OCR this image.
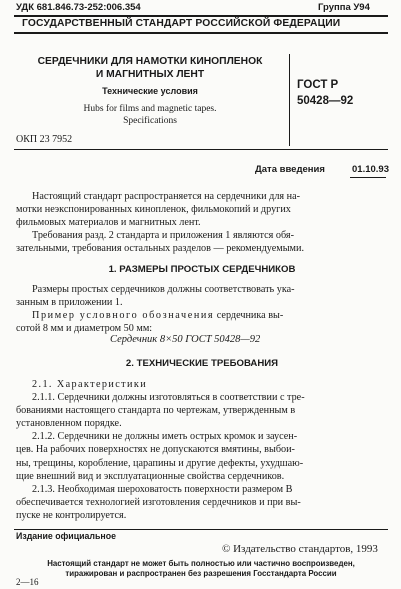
УДК 681.846.73-252:006.354	Группа У94
ГОСУДАРСТВЕННЫЙ СТАНДАРТ РОССИЙСКОЙ ФЕДЕРАЦИИ
СЕРДЕЧНИКИ ДЛЯ НАМОТКИ КИНОПЛЕНОК
И МАГНИТНЫХ ЛЕНТ
Технические условия
Hubs for films and magnetic tapes.
Specifications
ГОСТ Р
50428—92
ОКП 23 7952
Дата введения	01.10.93
Настоящий стандарт распространяется на сердечники для на-
мотки неэкспонированных кинопленок, фильмокопий и других
фильмовых материалов и магнитных лент.
Требования разд. 2 стандарта и приложения 1 являются обя-
зательными, требования остальных разделов — рекомендуемыми.
1. РАЗМЕРЫ ПРОСТЫХ СЕРДЕЧНИКОВ
Размеры простых сердечников должны соответствовать ука-
занным в приложении 1.
Пример условного обозначения сердечника вы-
сотой 8 мм и диаметром 50 мм:
Сердечник 8×50 ГОСТ 50428—92
2. ТЕХНИЧЕСКИЕ ТРЕБОВАНИЯ
2.1. Характеристики
2.1.1. Сердечники должны изготовляться в соответствии с тре-
бованиями настоящего стандарта по чертежам, утвержденным в
установленном порядке.
2.1.2. Сердечники не должны иметь острых кромок и заусен-
цев. На рабочих поверхностях не допускаются вмятины, выбои-
ны, трещины, коробление, царапины и другие дефекты, ухудшаю-
щие внешний вид и эксплуатационные свойства сердечников.
2.1.3. Необходимая шероховатость поверхности размером B
обеспечивается технологией изготовления сердечников и при вы-
пуске не контролируется.
Издание официальное
© Издательство стандартов, 1993
Настоящий стандарт не может быть полностью или частично воспроизведен,
тиражирован и распространен без разрешения Госстандарта России
2—16
